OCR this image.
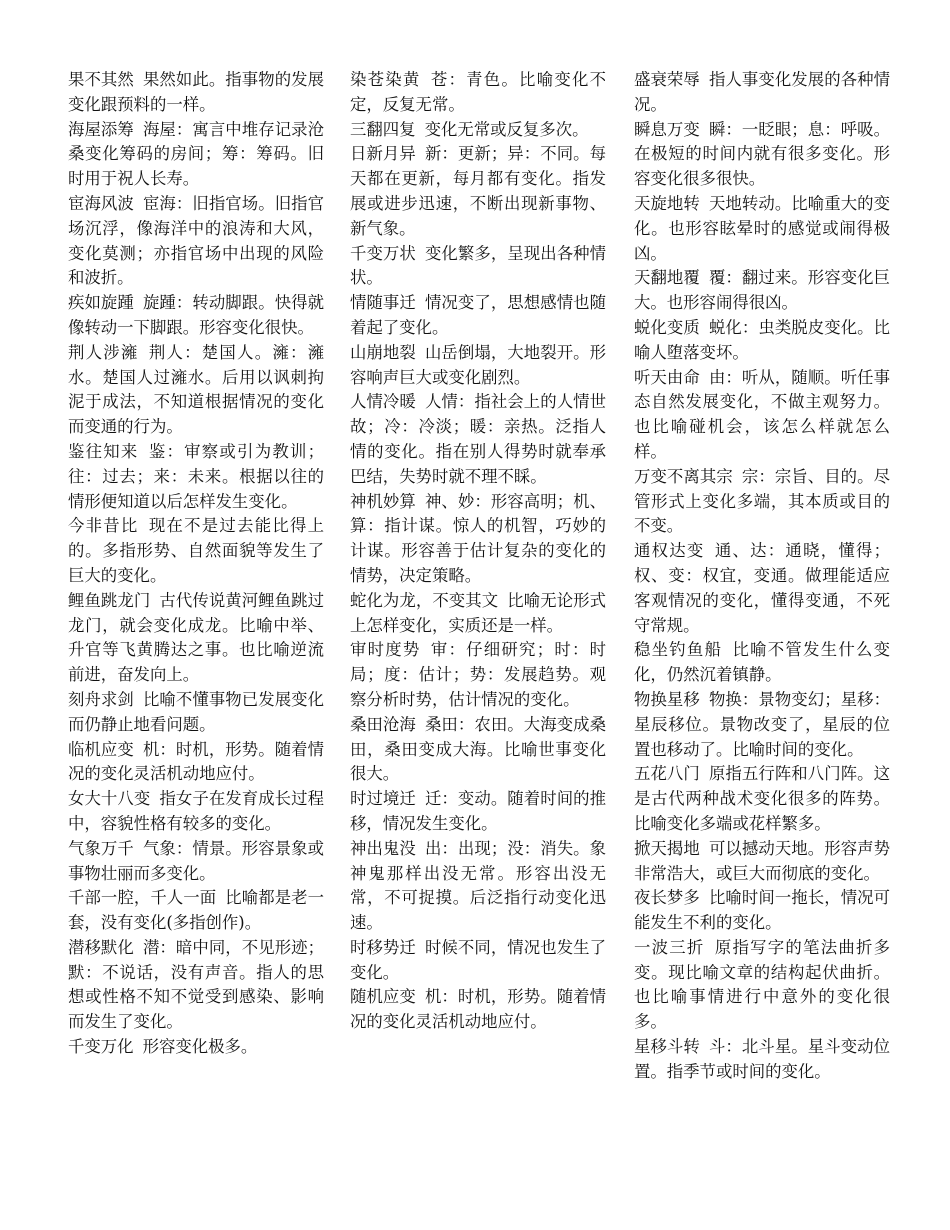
果不其然 果然如此。指事物的发展变化跟预料的一样。

海屋添筹 海屋：寓言中堆存记录沧桑变化筹码的房间；筹：筹码。旧时用于祝人长寿。

宦海风波 宦海：旧指官场。旧指官场沉浮，像海洋中的浪涛和大风，变化莫测；亦指官场中出现的风险和波折。

疾如旋踵 旋踵：转动脚跟。快得就像转动一下脚跟。形容变化很快。

荆人涉澭 荆人：楚国人。澭：澭水。楚国人过澭水。后用以讽刺拘泥于成法，不知道根据情况的变化而变通的行为。

鉴往知来 鉴：审察或引为教训；往：过去；来：未来。根据以往的情形便知道以后怎样发生变化。

今非昔比 现在不是过去能比得上的。多指形势、自然面貌等发生了巨大的变化。

鲤鱼跳龙门 古代传说黄河鲤鱼跳过龙门，就会变化成龙。比喻中举、升官等飞黄腾达之事。也比喻逆流前进，奋发向上。

刻舟求剑 比喻不懂事物已发展变化而仍静止地看问题。

临机应变 机：时机，形势。随着情况的变化灵活机动地应付。

女大十八变 指女子在发育成长过程中，容貌性格有较多的变化。

气象万千 气象：情景。形容景象或事物壮丽而多变化。

千部一腔，千人一面 比喻都是老一套，没有变化(多指创作)。

潜移默化 潜：暗中同，不见形迹；默：不说话，没有声音。指人的思想或性格不知不觉受到感染、影响而发生了变化。

千变万化 形容变化极多。

染苍染黄 苍：青色。比喻变化不定，反复无常。

三翻四复 变化无常或反复多次。

日新月异 新：更新；异：不同。每天都在更新，每月都有变化。指发展或进步迅速，不断出现新事物、新气象。

千变万状 变化繁多，呈现出各种情状。

情随事迁 情况变了，思想感情也随着起了变化。

山崩地裂 山岳倒塌，大地裂开。形容响声巨大或变化剧烈。

人情冷暖 人情：指社会上的人情世故；冷：冷淡；暖：亲热。泛指人情的变化。指在别人得势时就奉承巴结，失势时就不理不睬。

神机妙算 神、妙：形容高明；机、算：指计谋。惊人的机智，巧妙的计谋。形容善于估计复杂的变化的情势，决定策略。

蛇化为龙，不变其文 比喻无论形式上怎样变化，实质还是一样。

审时度势 审：仔细研究；时：时局；度：估计；势：发展趋势。观察分析时势，估计情况的变化。

桑田沧海 桑田：农田。大海变成桑田，桑田变成大海。比喻世事变化很大。

时过境迁 迁：变动。随着时间的推移，情况发生变化。

神出鬼没 出：出现；没：消失。象神鬼那样出没无常。形容出没无常，不可捉摸。后泛指行动变化迅速。

时移势迁 时候不同，情况也发生了变化。

随机应变 机：时机，形势。随着情况的变化灵活机动地应付。

盛衰荣辱 指人事变化发展的各种情况。

瞬息万变 瞬：一眨眼；息：呼吸。在极短的时间内就有很多变化。形容变化很多很快。

天旋地转 天地转动。比喻重大的变化。也形容眩晕时的感觉或闹得极凶。

天翻地覆 覆：翻过来。形容变化巨大。也形容闹得很凶。

蜕化变质 蜕化：虫类脱皮变化。比喻人堕落变坏。

听天由命 由：听从，随顺。听任事态自然发展变化，不做主观努力。也比喻碰机会，该怎么样就怎么样。

万变不离其宗 宗：宗旨、目的。尽管形式上变化多端，其本质或目的不变。

通权达变 通、达：通晓，懂得；权、变：权宜，变通。做理能适应客观情况的变化，懂得变通，不死守常规。

稳坐钓鱼船 比喻不管发生什么变化，仍然沉着镇静。

物换星移 物换：景物变幻；星移：星辰移位。景物改变了，星辰的位置也移动了。比喻时间的变化。

五花八门 原指五行阵和八门阵。这是古代两种战术变化很多的阵势。比喻变化多端或花样繁多。

掀天揭地 可以撼动天地。形容声势非常浩大，或巨大而彻底的变化。

夜长梦多 比喻时间一拖长，情况可能发生不利的变化。

一波三折 原指写字的笔法曲折多变。现比喻文章的结构起伏曲折。也比喻事情进行中意外的变化很多。

星移斗转 斗：北斗星。星斗变动位置。指季节或时间的变化。
